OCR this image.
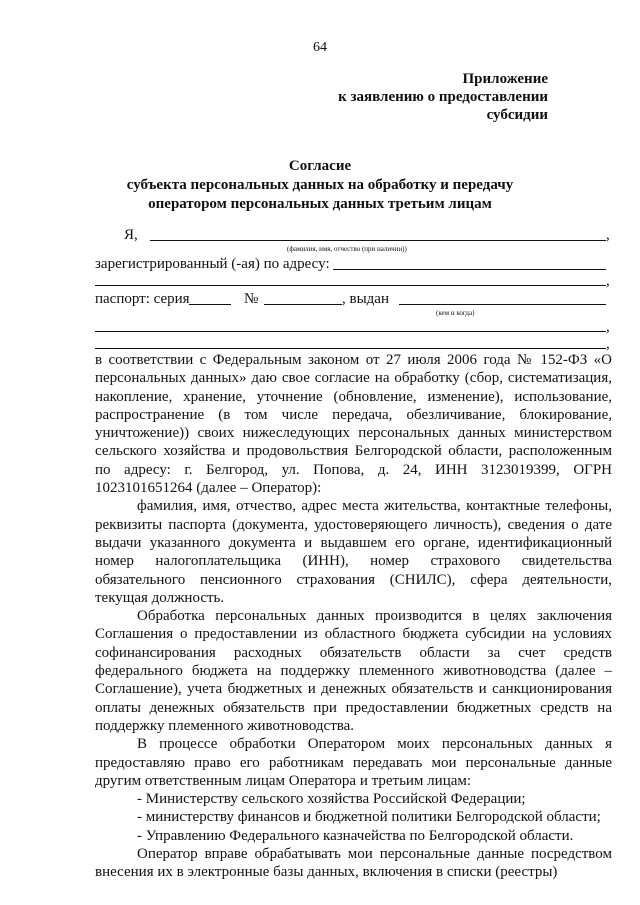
64
Приложение
к заявлению о предоставлении
субсидии
Согласие
субъекта персональных данных на обработку и передачу
оператором персональных данных третьим лицам
Я,	,
(фамилия, имя, отчество (при наличии))
зарегистрированный (-ая) по адресу:
,
паспорт: серия	№	, выдан
(кем и когда)
,
,

в соответствии с Федеральным законом от 27 июля 2006 года № 152-ФЗ «О персональных данных» даю свое согласие на обработку (сбор, систематизация, накопление, хранение, уточнение (обновление, изменение), использование, распространение (в том числе передача, обезличивание, блокирование, уничтожение)) своих нижеследующих персональных данных министерством сельского хозяйства и продовольствия Белгородской области, расположенным по адресу: г. Белгород, ул. Попова, д. 24, ИНН 3123019399, ОГРН 1023101651264 (далее – Оператор):

фамилия, имя, отчество, адрес места жительства, контактные телефоны, реквизиты паспорта (документа, удостоверяющего личность), сведения о дате выдачи указанного документа и выдавшем его органе, идентификационный номер налогоплательщика (ИНН), номер страхового свидетельства обязательного пенсионного страхования (СНИЛС), сфера деятельности, текущая должность.

Обработка персональных данных производится в целях заключения Соглашения о предоставлении из областного бюджета субсидии на условиях софинансирования расходных обязательств области за счет средств федерального бюджета на поддержку племенного животноводства (далее – Соглашение), учета бюджетных и денежных обязательств и санкционирования оплаты денежных обязательств при предоставлении бюджетных средств на поддержку племенного животноводства.

В процессе обработки Оператором моих персональных данных я предоставляю право его работникам передавать мои персональные данные другим ответственным лицам Оператора и третьим лицам:

- Министерству сельского хозяйства Российской Федерации;

- министерству финансов и бюджетной политики Белгородской области;

- Управлению Федерального казначейства по Белгородской области.

Оператор вправе обрабатывать мои персональные данные посредством внесения их в электронные базы данных, включения в списки (реестры)
